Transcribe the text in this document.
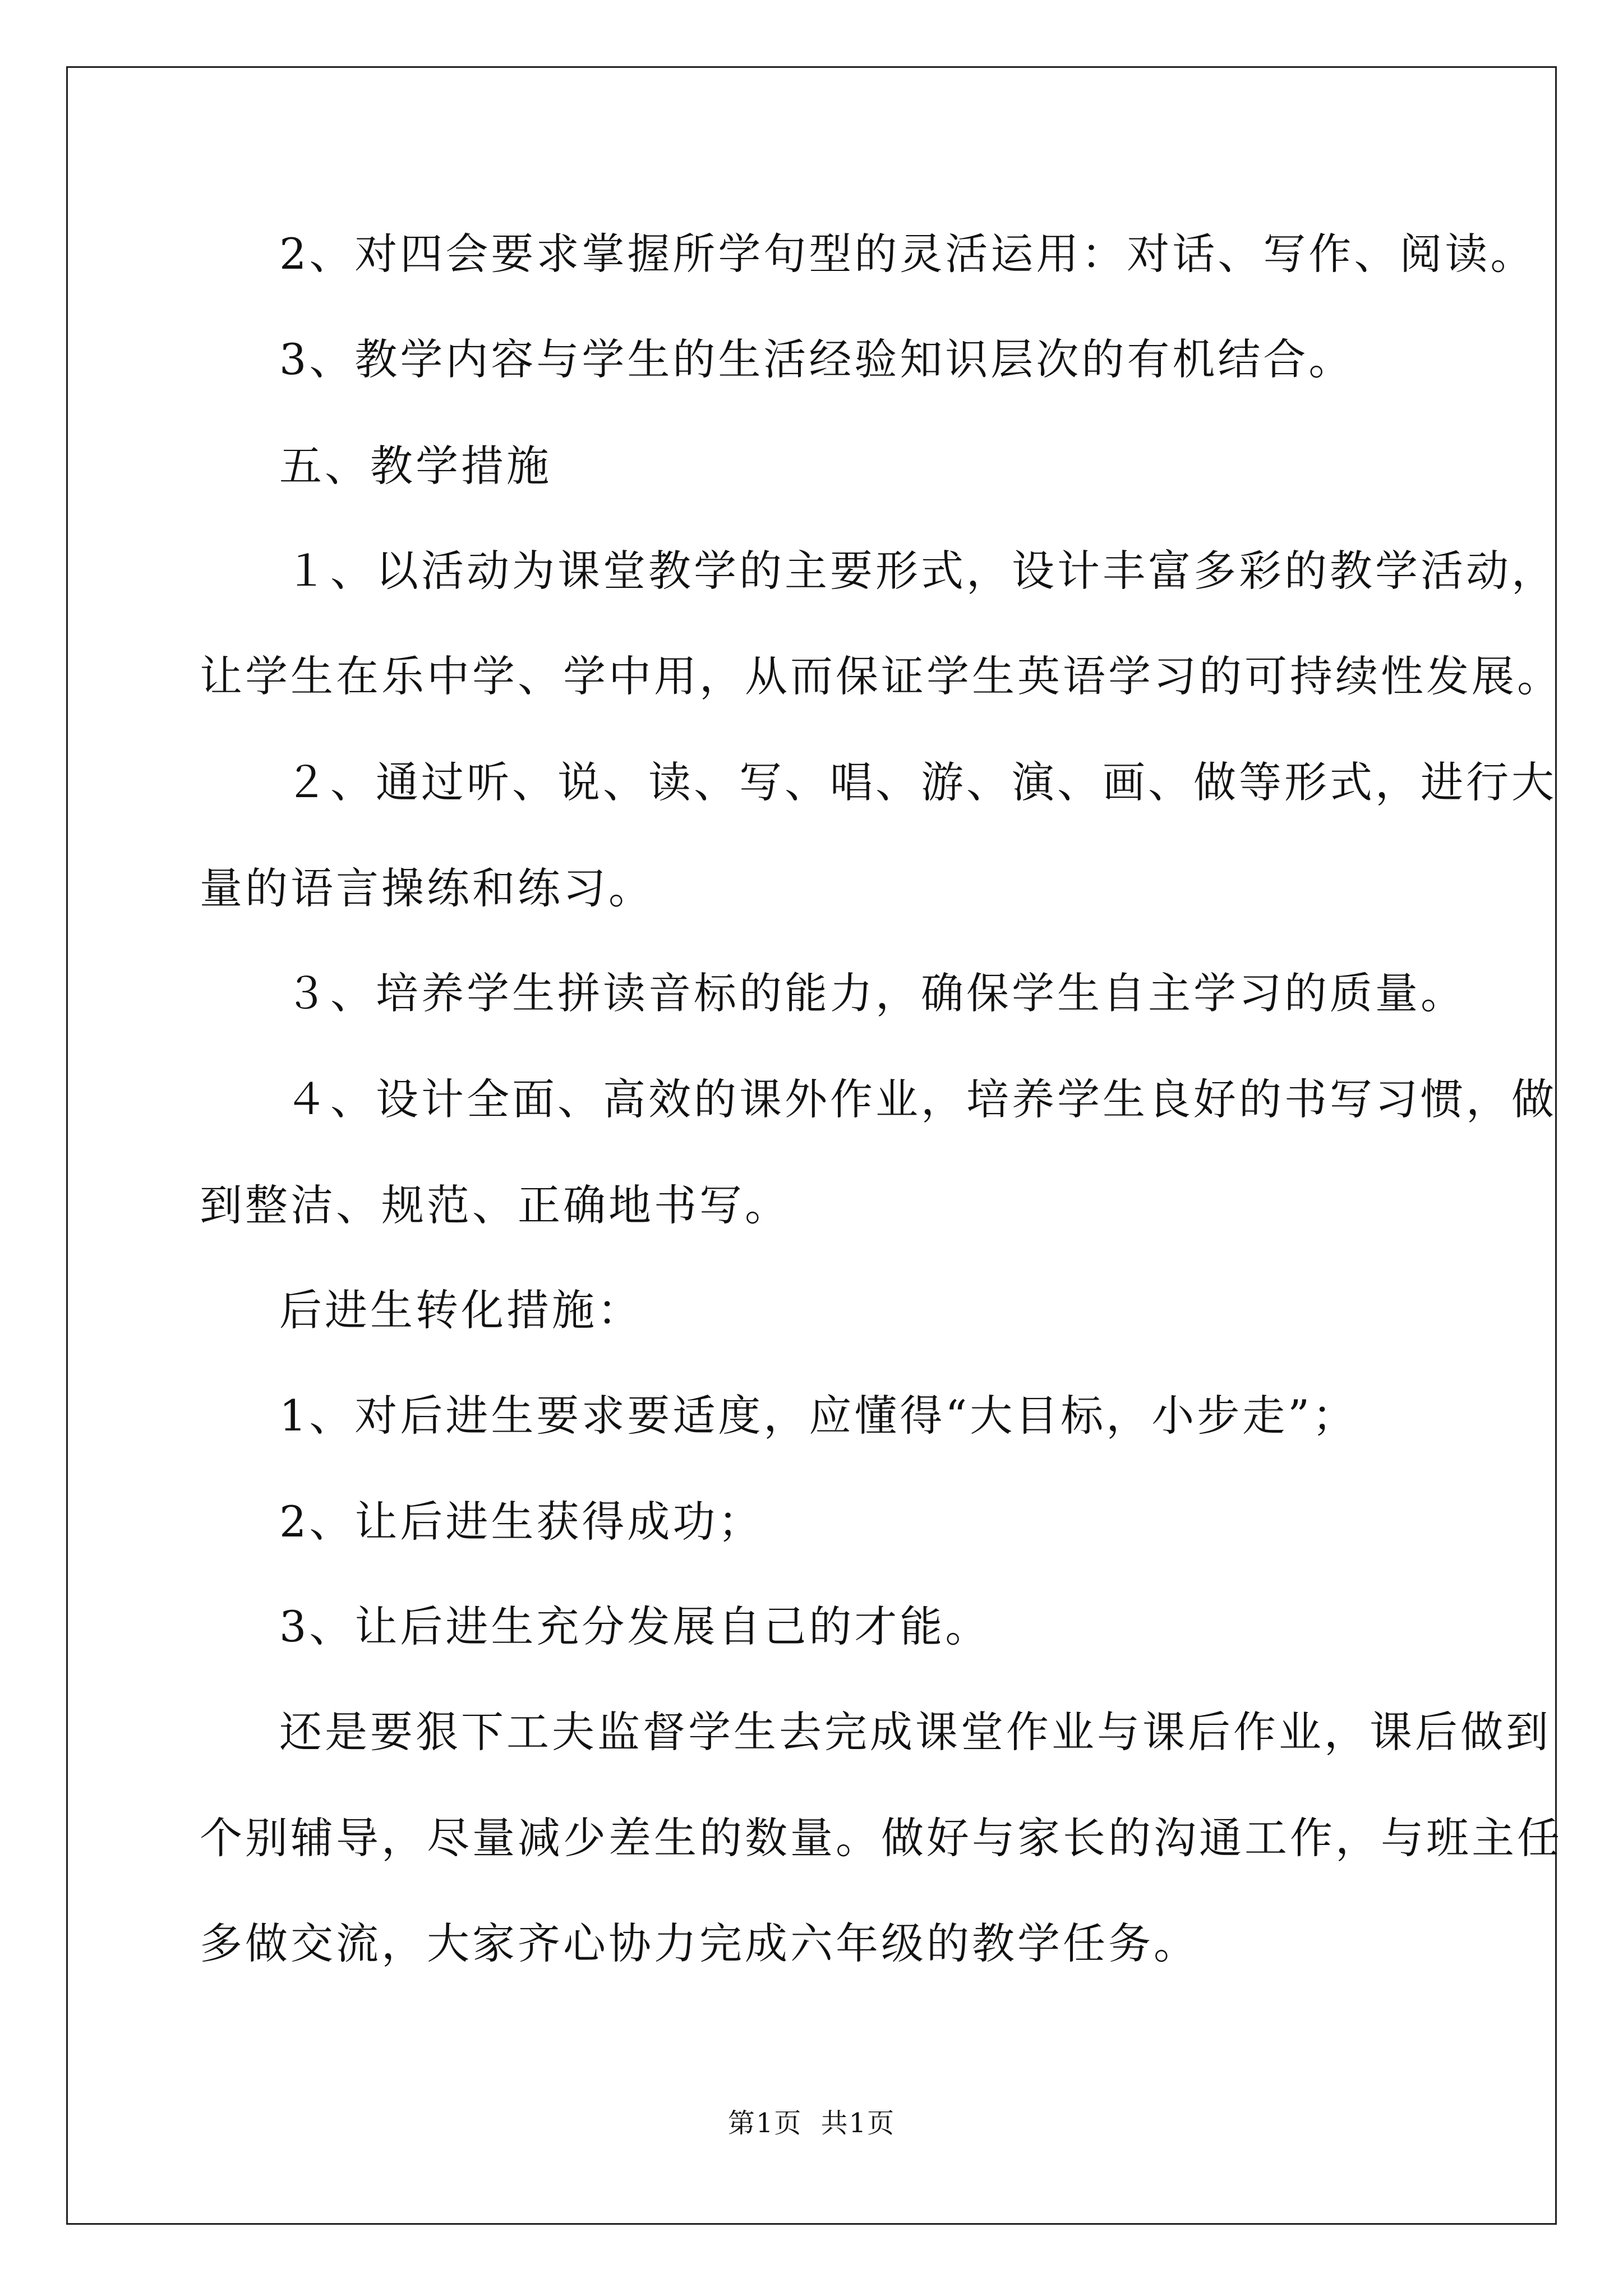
2、对四会要求掌握所学句型的灵活运用：对话、写作、阅读。
3、教学内容与学生的生活经验知识层次的有机结合。
五、教学措施
１、以活动为课堂教学的主要形式，设计丰富多彩的教学活动，
让学生在乐中学、学中用，从而保证学生英语学习的可持续性发展。
２、通过听、说、读、写、唱、游、演、画、做等形式，进行大
量的语言操练和练习。
３、培养学生拼读音标的能力，确保学生自主学习的质量。
４、设计全面、高效的课外作业，培养学生良好的书写习惯，做
到整洁、规范、正确地书写。
后进生转化措施：
1、对后进生要求要适度，应懂得“大目标，小步走”；
2、让后进生获得成功；
3、让后进生充分发展自己的才能。
还是要狠下工夫监督学生去完成课堂作业与课后作业，课后做到
个别辅导，尽量减少差生的数量。做好与家长的沟通工作，与班主任
多做交流，大家齐心协力完成六年级的教学任务。
第1页 共1页
